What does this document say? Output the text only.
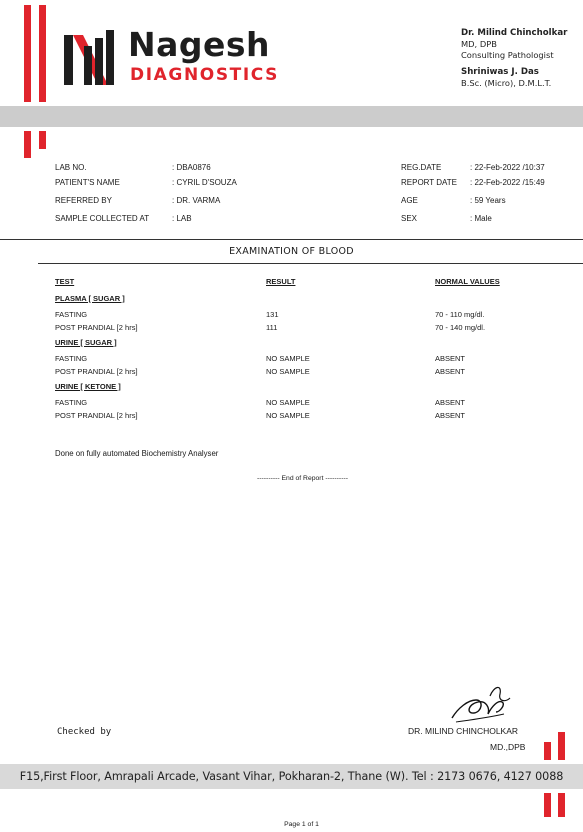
Nagesh
DIAGNOSTICS
Dr. Milind Chincholkar
MD, DPB
Consulting Pathologist
Shriniwas J. Das
B.Sc. (Micro), D.M.L.T.
LAB NO.	: DBA0876
PATIENT'S NAME	: CYRIL D'SOUZA
REFERRED BY	: DR. VARMA
SAMPLE COLLECTED AT	: LAB
REG.DATE	: 22-Feb-2022 /10:37
REPORT DATE : 22-Feb-2022 /15:49
AGE	: 59 Years
SEX	: Male
EXAMINATION OF BLOOD
TEST	RESULT	NORMAL VALUES
PLASMA [ SUGAR ]
FASTING	131	70 - 110 mg/dl.
POST PRANDIAL [2 hrs]	111	70 - 140 mg/dl.
URINE [ SUGAR ]
FASTING	NO SAMPLE	ABSENT
POST PRANDIAL [2 hrs]	NO SAMPLE	ABSENT
URINE [ KETONE ]
FASTING	NO SAMPLE	ABSENT
POST PRANDIAL [2 hrs]	NO SAMPLE	ABSENT
Done on fully automated Biochemistry Analyser
---------- End of Report ----------
Checked by	DR. MILIND CHINCHOLKAR
MD.,DPB
F15,First Floor, Amrapali Arcade, Vasant Vihar, Pokharan-2, Thane (W). Tel : 2173 0676, 4127 0088
Page 1 of 1
